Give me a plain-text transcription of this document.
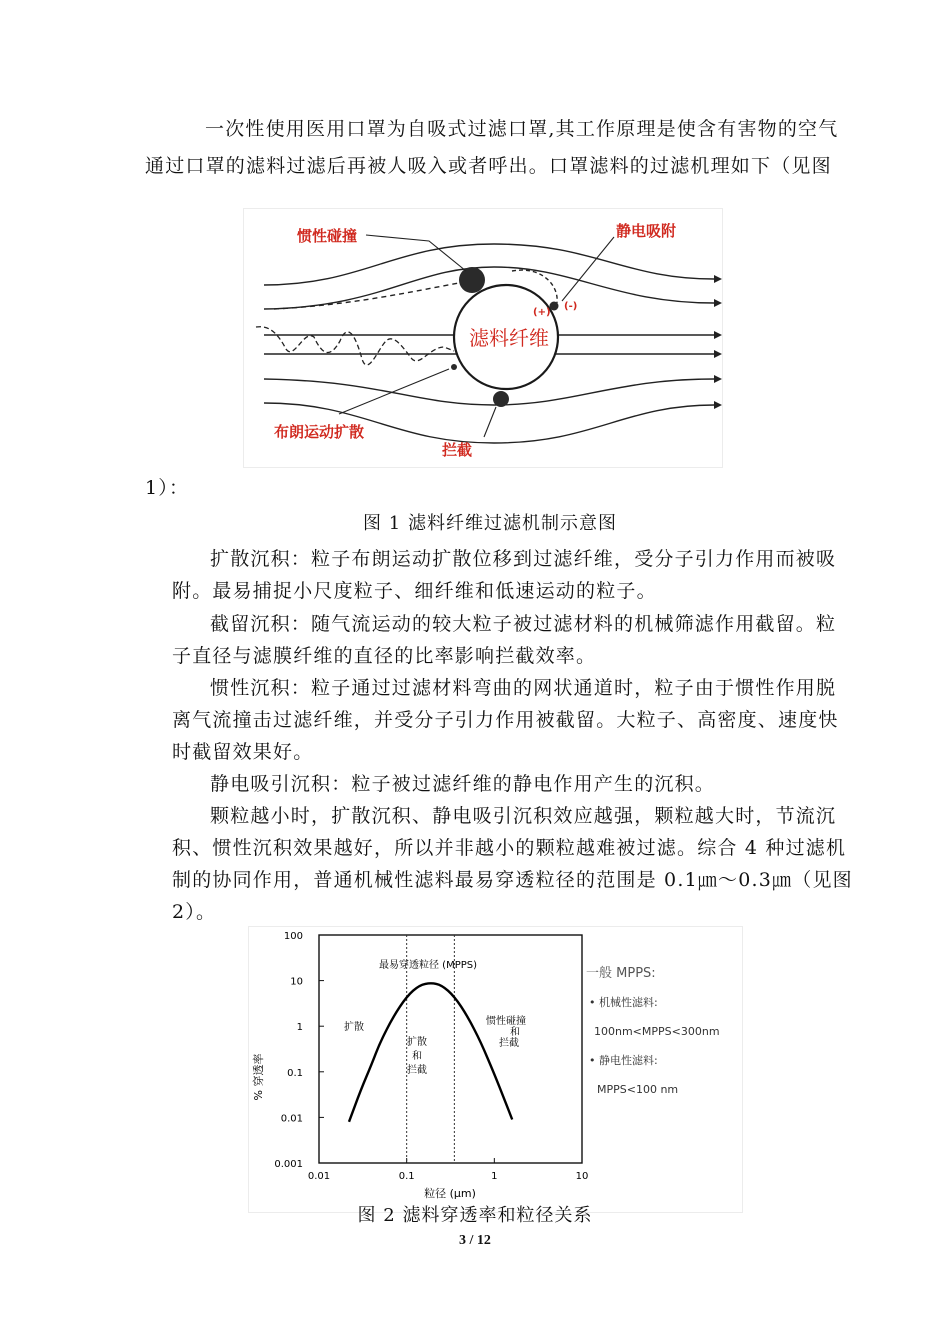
一次性使用医用口罩为自吸式过滤口罩,其工作原理是使含有害物的空气
通过口罩的滤料过滤后再被人吸入或者呼出。口罩滤料的过滤机理如下（见图
惯性碰撞	静电吸附
滤料纤维
布朗运动扩散
拦截
(+)
(-)
1）：
图 1 滤料纤维过滤机制示意图
扩散沉积：粒子布朗运动扩散位移到过滤纤维，受分子引力作用而被吸
附。最易捕捉小尺度粒子、细纤维和低速运动的粒子。
截留沉积：随气流运动的较大粒子被过滤材料的机械筛滤作用截留。粒
子直径与滤膜纤维的直径的比率影响拦截效率。
惯性沉积：粒子通过过滤材料弯曲的网状通道时，粒子由于惯性作用脱
离气流撞击过滤纤维，并受分子引力作用被截留。大粒子、高密度、速度快
时截留效果好。
静电吸引沉积：粒子被过滤纤维的静电作用产生的沉积。
颗粒越小时，扩散沉积、静电吸引沉积效应越强，颗粒越大时，节流沉
积、惯性沉积效果越好，所以并非越小的颗粒越难被过滤。综合 4 种过滤机
制的协同作用，普通机械性滤料最易穿透粒径的范围是 0.1㎛～0.3㎛（见图
2）。
100
10
1
0.1
0.01
0.001
0.01	0.1	1	10
% 穿透率
粒径 (μm)
最易穿透粒径 (MPPS)
扩散
扩散
和
拦截
惯性碰撞
和
拦截
一般 MPPS:
• 机械性滤料:
100nm<MPPS<300nm
• 静电性滤料:
MPPS<100 nm
图 2 滤料穿透率和粒径关系
3 / 12
